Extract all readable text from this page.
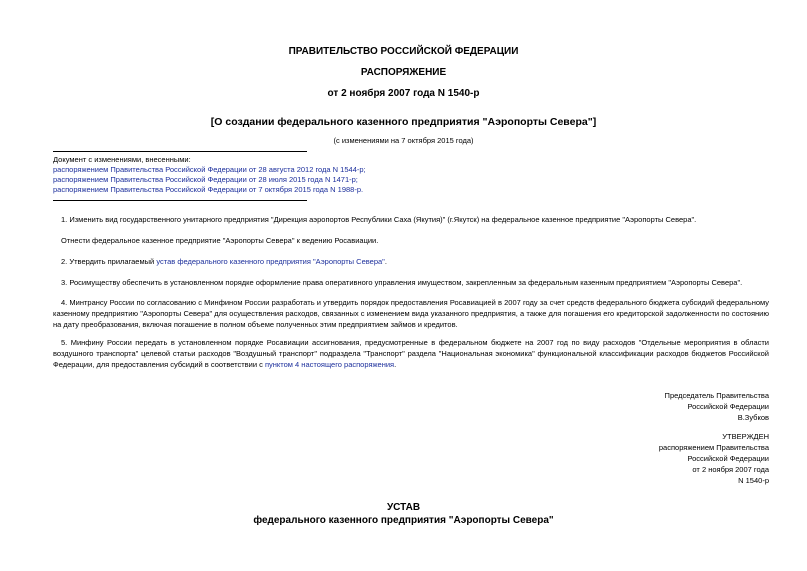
ПРАВИТЕЛЬСТВО РОССИЙСКОЙ ФЕДЕРАЦИИ
РАСПОРЯЖЕНИЕ
от 2 ноября 2007 года N 1540-р
[О создании федерального казенного предприятия "Аэропорты Севера"]
(с изменениями на 7 октября 2015 года)
Документ с изменениями, внесенными:
распоряжением Правительства Российской Федерации от 28 августа 2012 года N 1544-р;
распоряжением Правительства Российской Федерации от 28 июля 2015 года N 1471-р;
распоряжением Правительства Российской Федерации от 7 октября 2015 года N 1988-р.
1. Изменить вид государственного унитарного предприятия "Дирекция аэропортов Республики Саха (Якутия)" (г.Якутск) на федеральное казенное предприятие "Аэропорты Севера".
Отнести федеральное казенное предприятие "Аэропорты Севера" к ведению Росавиации.
2. Утвердить прилагаемый устав федерального казенного предприятия "Аэропорты Севера".
3. Росимуществу обеспечить в установленном порядке оформление права оперативного управления имуществом, закрепленным за федеральным казенным предприятием "Аэропорты Севера".
4. Минтрансу России по согласованию с Минфином России разработать и утвердить порядок предоставления Росавиацией в 2007 году за счет средств федерального бюджета субсидий федеральному казенному предприятию "Аэропорты Севера" для осуществления расходов, связанных с изменением вида указанного предприятия, а также для погашения его кредиторской задолженности по состоянию на дату преобразования, включая погашение в полном объеме полученных этим предприятием займов и кредитов.
5. Минфину России передать в установленном порядке Росавиации ассигнования, предусмотренные в федеральном бюджете на 2007 год по виду расходов "Отдельные мероприятия в области воздушного транспорта" целевой статьи расходов "Воздушный транспорт" подраздела "Транспорт" раздела "Национальная экономика" функциональной классификации расходов бюджетов Российской Федерации, для предоставления субсидий в соответствии с пунктом 4 настоящего распоряжения.
Председатель Правительства
Российской Федерации
В.Зубков
УТВЕРЖДЕН
распоряжением Правительства
Российской Федерации
от 2 ноября 2007 года
N 1540-р
УСТАВ
федерального казенного предприятия "Аэропорты Севера"
